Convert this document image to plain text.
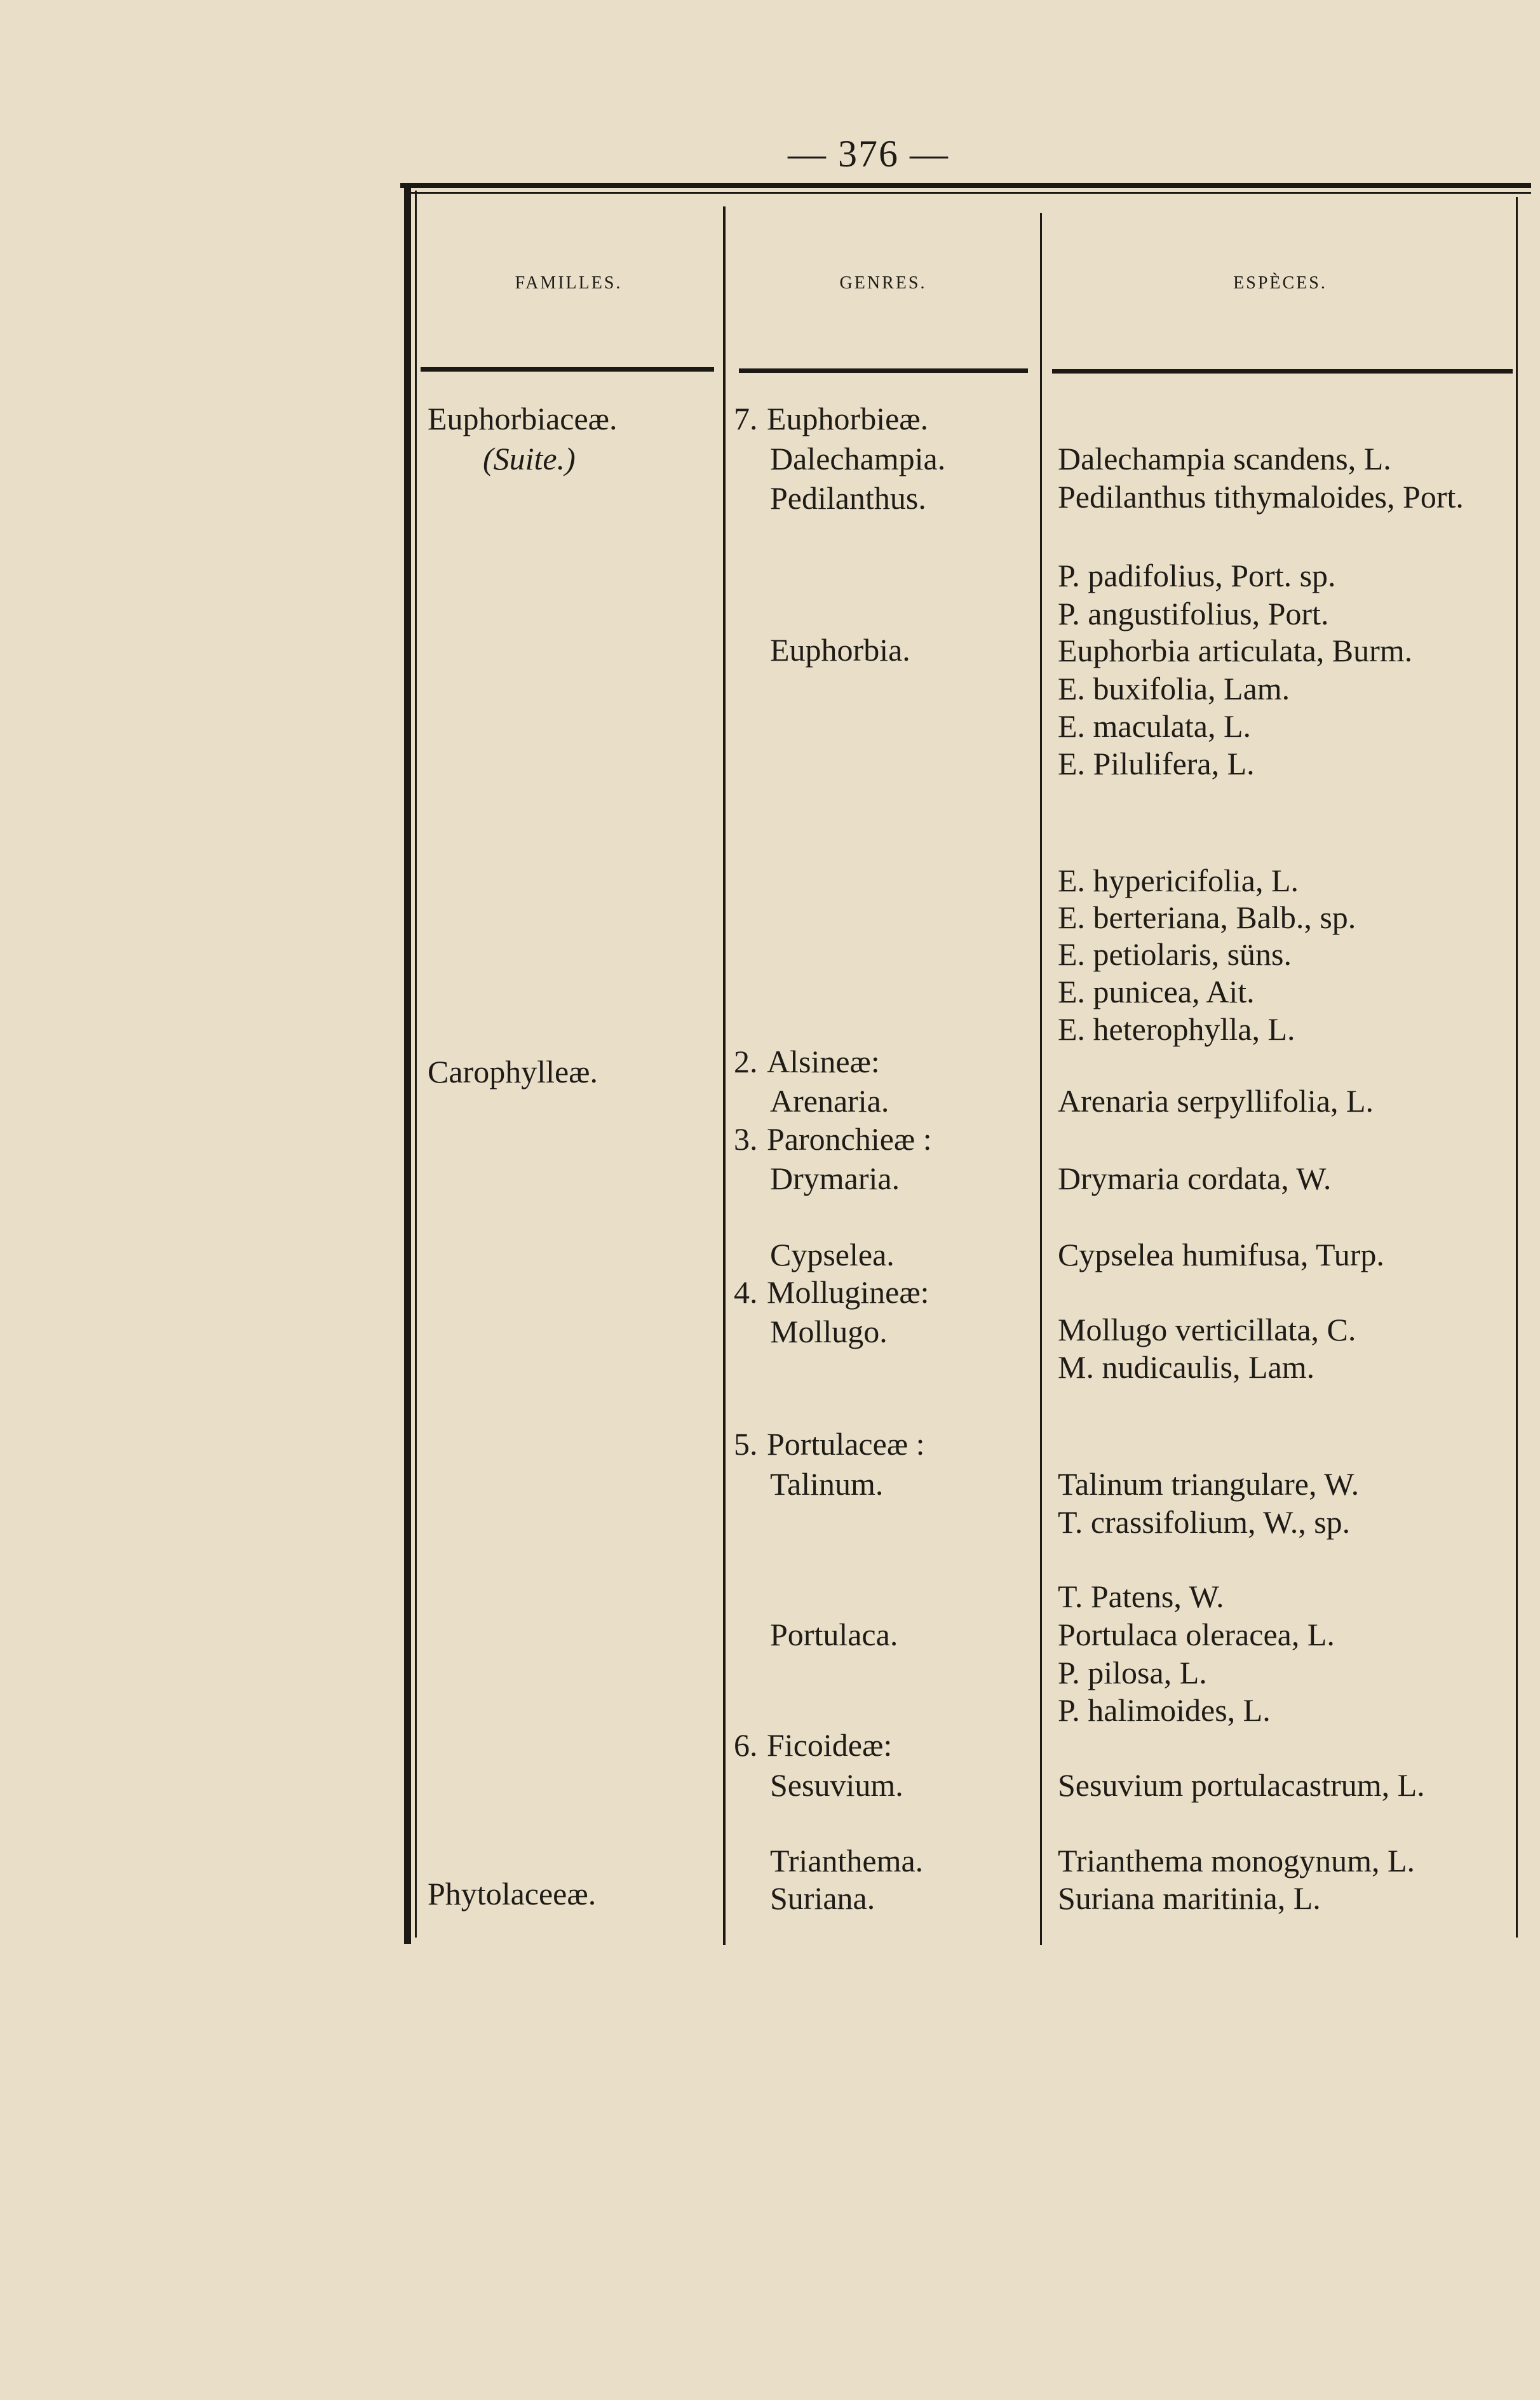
— 376 —
FAMILLES.	GENRES.	ESPÈCES.
Euphorbiaceæ.
(Suite.)
Carophylleæ.
Phytolaceeæ.
7. Euphorbieæ.
Dalechampia.
Pedilanthus.
Euphorbia.
2. Alsineæ:
Arenaria.
3. Paronchieæ :
Drymaria.
Cypselea.
4. Mollugineæ:
Mollugo.
5. Portulaceæ :
Talinum.
Portulaca.
6. Ficoideæ:
Sesuvium.
Trianthema.
Suriana.
Dalechampia scandens, L.
Pedilanthus tithymaloides, Port.
P. padifolius, Port. sp.
P. angustifolius, Port.
Euphorbia articulata, Burm.
E. buxifolia, Lam.
E. maculata, L.
E. Pilulifera, L.
E. hypericifolia, L.
E. berteriana, Balb., sp.
E. petiolaris, süns.
E. punicea, Ait.
E. heterophylla, L.
Arenaria serpyllifolia, L.
Drymaria cordata, W.
Cypselea humifusa, Turp.
Mollugo verticillata, C.
M. nudicaulis, Lam.
Talinum triangulare, W.
T. crassifolium, W., sp.
T. Patens, W.
Portulaca oleracea, L.
P. pilosa, L.
P. halimoides, L.
Sesuvium portulacastrum, L.
Trianthema monogynum, L.
Suriana maritinia, L.
